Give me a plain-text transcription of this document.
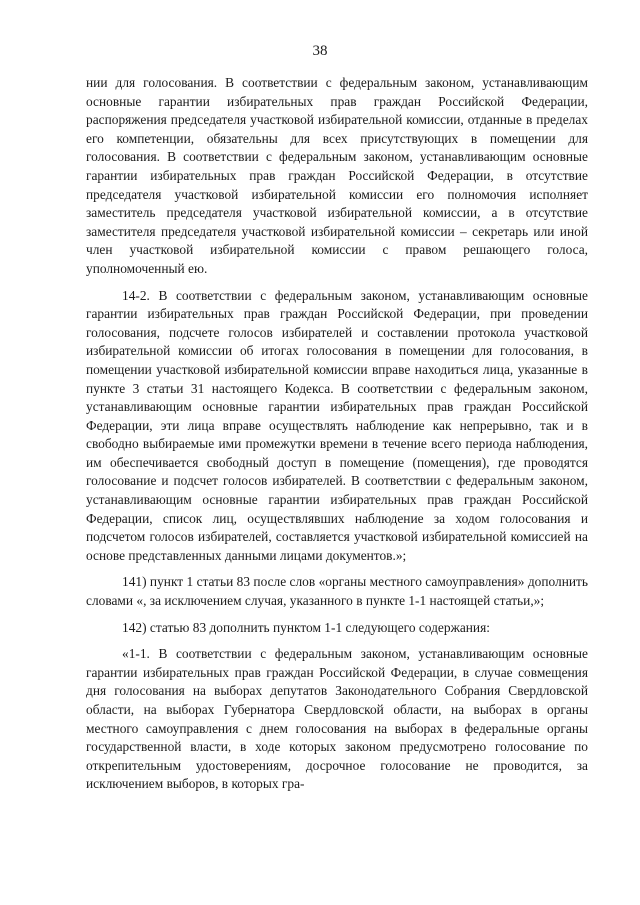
38

нии для голосования. В соответствии с федеральным законом, устанавливающим основные гарантии избирательных прав граждан Российской Федерации, распоряжения председателя участковой избирательной комиссии, отданные в пределах его компетенции, обязательны для всех присутствующих в помещении для голосования. В соответствии с федеральным законом, устанавливающим основные гарантии избирательных прав граждан Российской Федерации, в отсутствие председателя участковой избирательной комиссии его полномочия исполняет заместитель председателя участковой избирательной комиссии, а в отсутствие заместителя председателя участковой избирательной комиссии – секретарь или иной член участковой избирательной комиссии с правом решающего голоса, уполномоченный ею.

14-2. В соответствии с федеральным законом, устанавливающим основные гарантии избирательных прав граждан Российской Федерации, при проведении голосования, подсчете голосов избирателей и составлении протокола участковой избирательной комиссии об итогах голосования в помещении для голосования, в помещении участковой избирательной комиссии вправе находиться лица, указанные в пункте 3 статьи 31 настоящего Кодекса. В соответствии с федеральным законом, устанавливающим основные гарантии избирательных прав граждан Российской Федерации, эти лица вправе осуществлять наблюдение как непрерывно, так и в свободно выбираемые ими промежутки времени в течение всего периода наблюдения, им обеспечивается свободный доступ в помещение (помещения), где проводятся голосование и подсчет голосов избирателей. В соответствии с федеральным законом, устанавливающим основные гарантии избирательных прав граждан Российской Федерации, список лиц, осуществлявших наблюдение за ходом голосования и подсчетом голосов избирателей, составляется участковой избирательной комиссией на основе представленных данными лицами документов.»;

141) пункт 1 статьи 83 после слов «органы местного самоуправления» дополнить словами «, за исключением случая, указанного в пункте 1-1 настоящей статьи,»;

142) статью 83 дополнить пунктом 1-1 следующего содержания:

«1-1. В соответствии с федеральным законом, устанавливающим основные гарантии избирательных прав граждан Российской Федерации, в случае совмещения дня голосования на выборах депутатов Законодательного Собрания Свердловской области, на выборах Губернатора Свердловской области, на выборах в органы местного самоуправления с днем голосования на выборах в федеральные органы государственной власти, в ходе которых законом предусмотрено голосование по открепительным удостоверениям, досрочное голосование не проводится, за исключением выборов, в которых гра-
